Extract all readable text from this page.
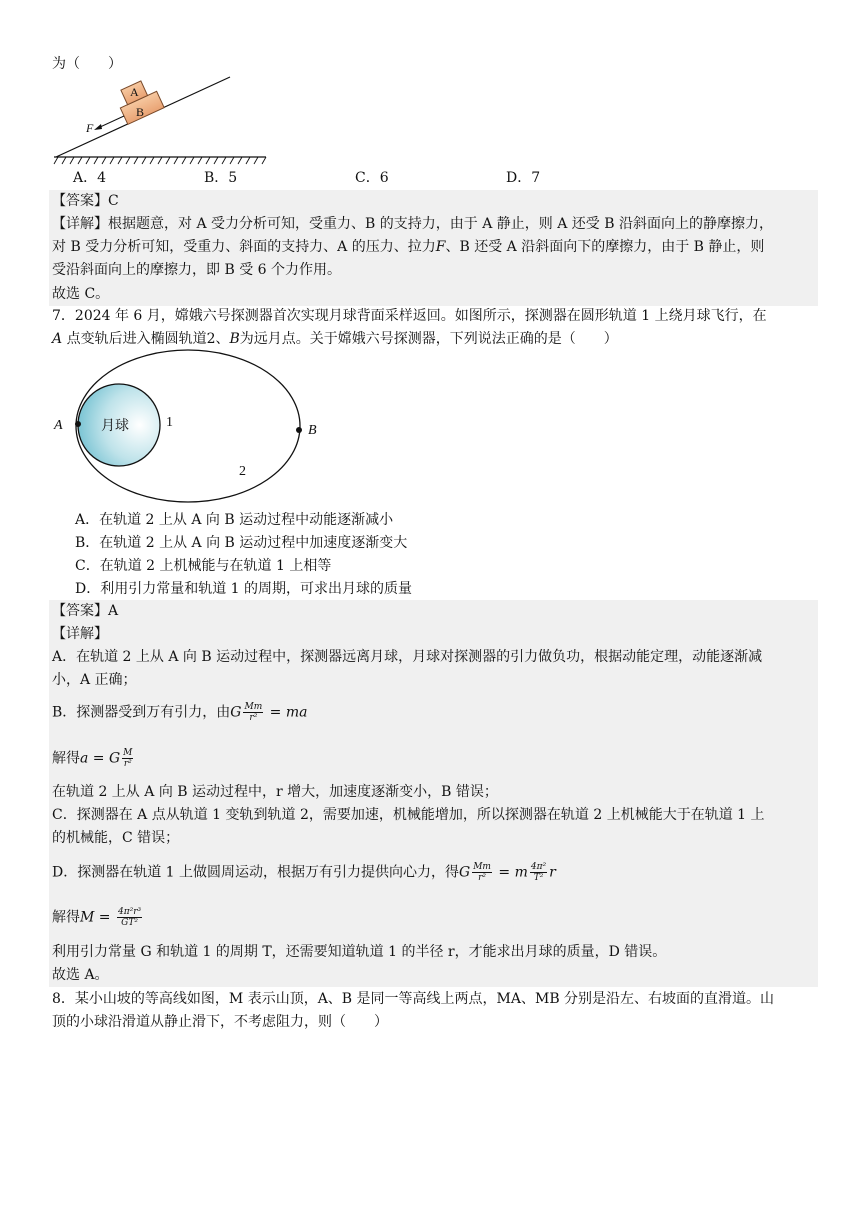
为（　　）
A
B
F
A．4	B．5	C．6	D．7
【答案】C
【详解】根据题意，对 A 受力分析可知，受重力、B 的支持力，由于 A 静止，则 A 还受 B 沿斜面向上的静摩擦力，
对 B 受力分析可知，受重力、斜面的支持力、A 的压力、拉力F、B 还受 A 沿斜面向下的摩擦力，由于 B 静止，则
受沿斜面向上的摩擦力，即 B 受 6 个力作用。
故选 C。
7．2024 年 6 月，嫦娥六号探测器首次实现月球背面采样返回。如图所示，探测器在圆形轨道 1 上绕月球飞行，在
A 点变轨后进入椭圆轨道2、B为远月点。关于嫦娥六号探测器，下列说法正确的是（　　）
月球
A	B
1
2
A．在轨道 2 上从 A 向 B 运动过程中动能逐渐减小
B．在轨道 2 上从 A 向 B 运动过程中加速度逐渐变大
C．在轨道 2 上机械能与在轨道 1 上相等
D．利用引力常量和轨道 1 的周期，可求出月球的质量
【答案】A
【详解】
A．在轨道 2 上从 A 向 B 运动过程中，探测器远离月球，月球对探测器的引力做负功，根据动能定理，动能逐渐减
小，A 正确；
B．探测器受到万有引力，由G $\frac{Mm}{\text{r²}}$ = ma
解得a = G $\frac{M}{\text{r²}}$
在轨道 2 上从 A 向 B 运动过程中，r 增大，加速度逐渐变小，B 错误；
C．探测器在 A 点从轨道 1 变轨到轨道 2，需要加速，机械能增加，所以探测器在轨道 2 上机械能大于在轨道 1 上
的机械能，C 错误；
D．探测器在轨道 1 上做圆周运动，根据万有引力提供向心力，得G $\frac{Mm}{\text{r²}} = m \frac{\text{4π²}}{\text{T²}}$ r
解得$M = \frac{\text{4π²r³}}{\text{GT²}}$
利用引力常量 G 和轨道 1 的周期 T，还需要知道轨道 1 的半径 r，才能求出月球的质量，D 错误。
故选 A。
8．某小山坡的等高线如图，M 表示山顶，A、B 是同一等高线上两点，MA、MB 分别是沿左、右坡面的直滑道。山
顶的小球沿滑道从静止滑下，不考虑阻力，则（　　）
